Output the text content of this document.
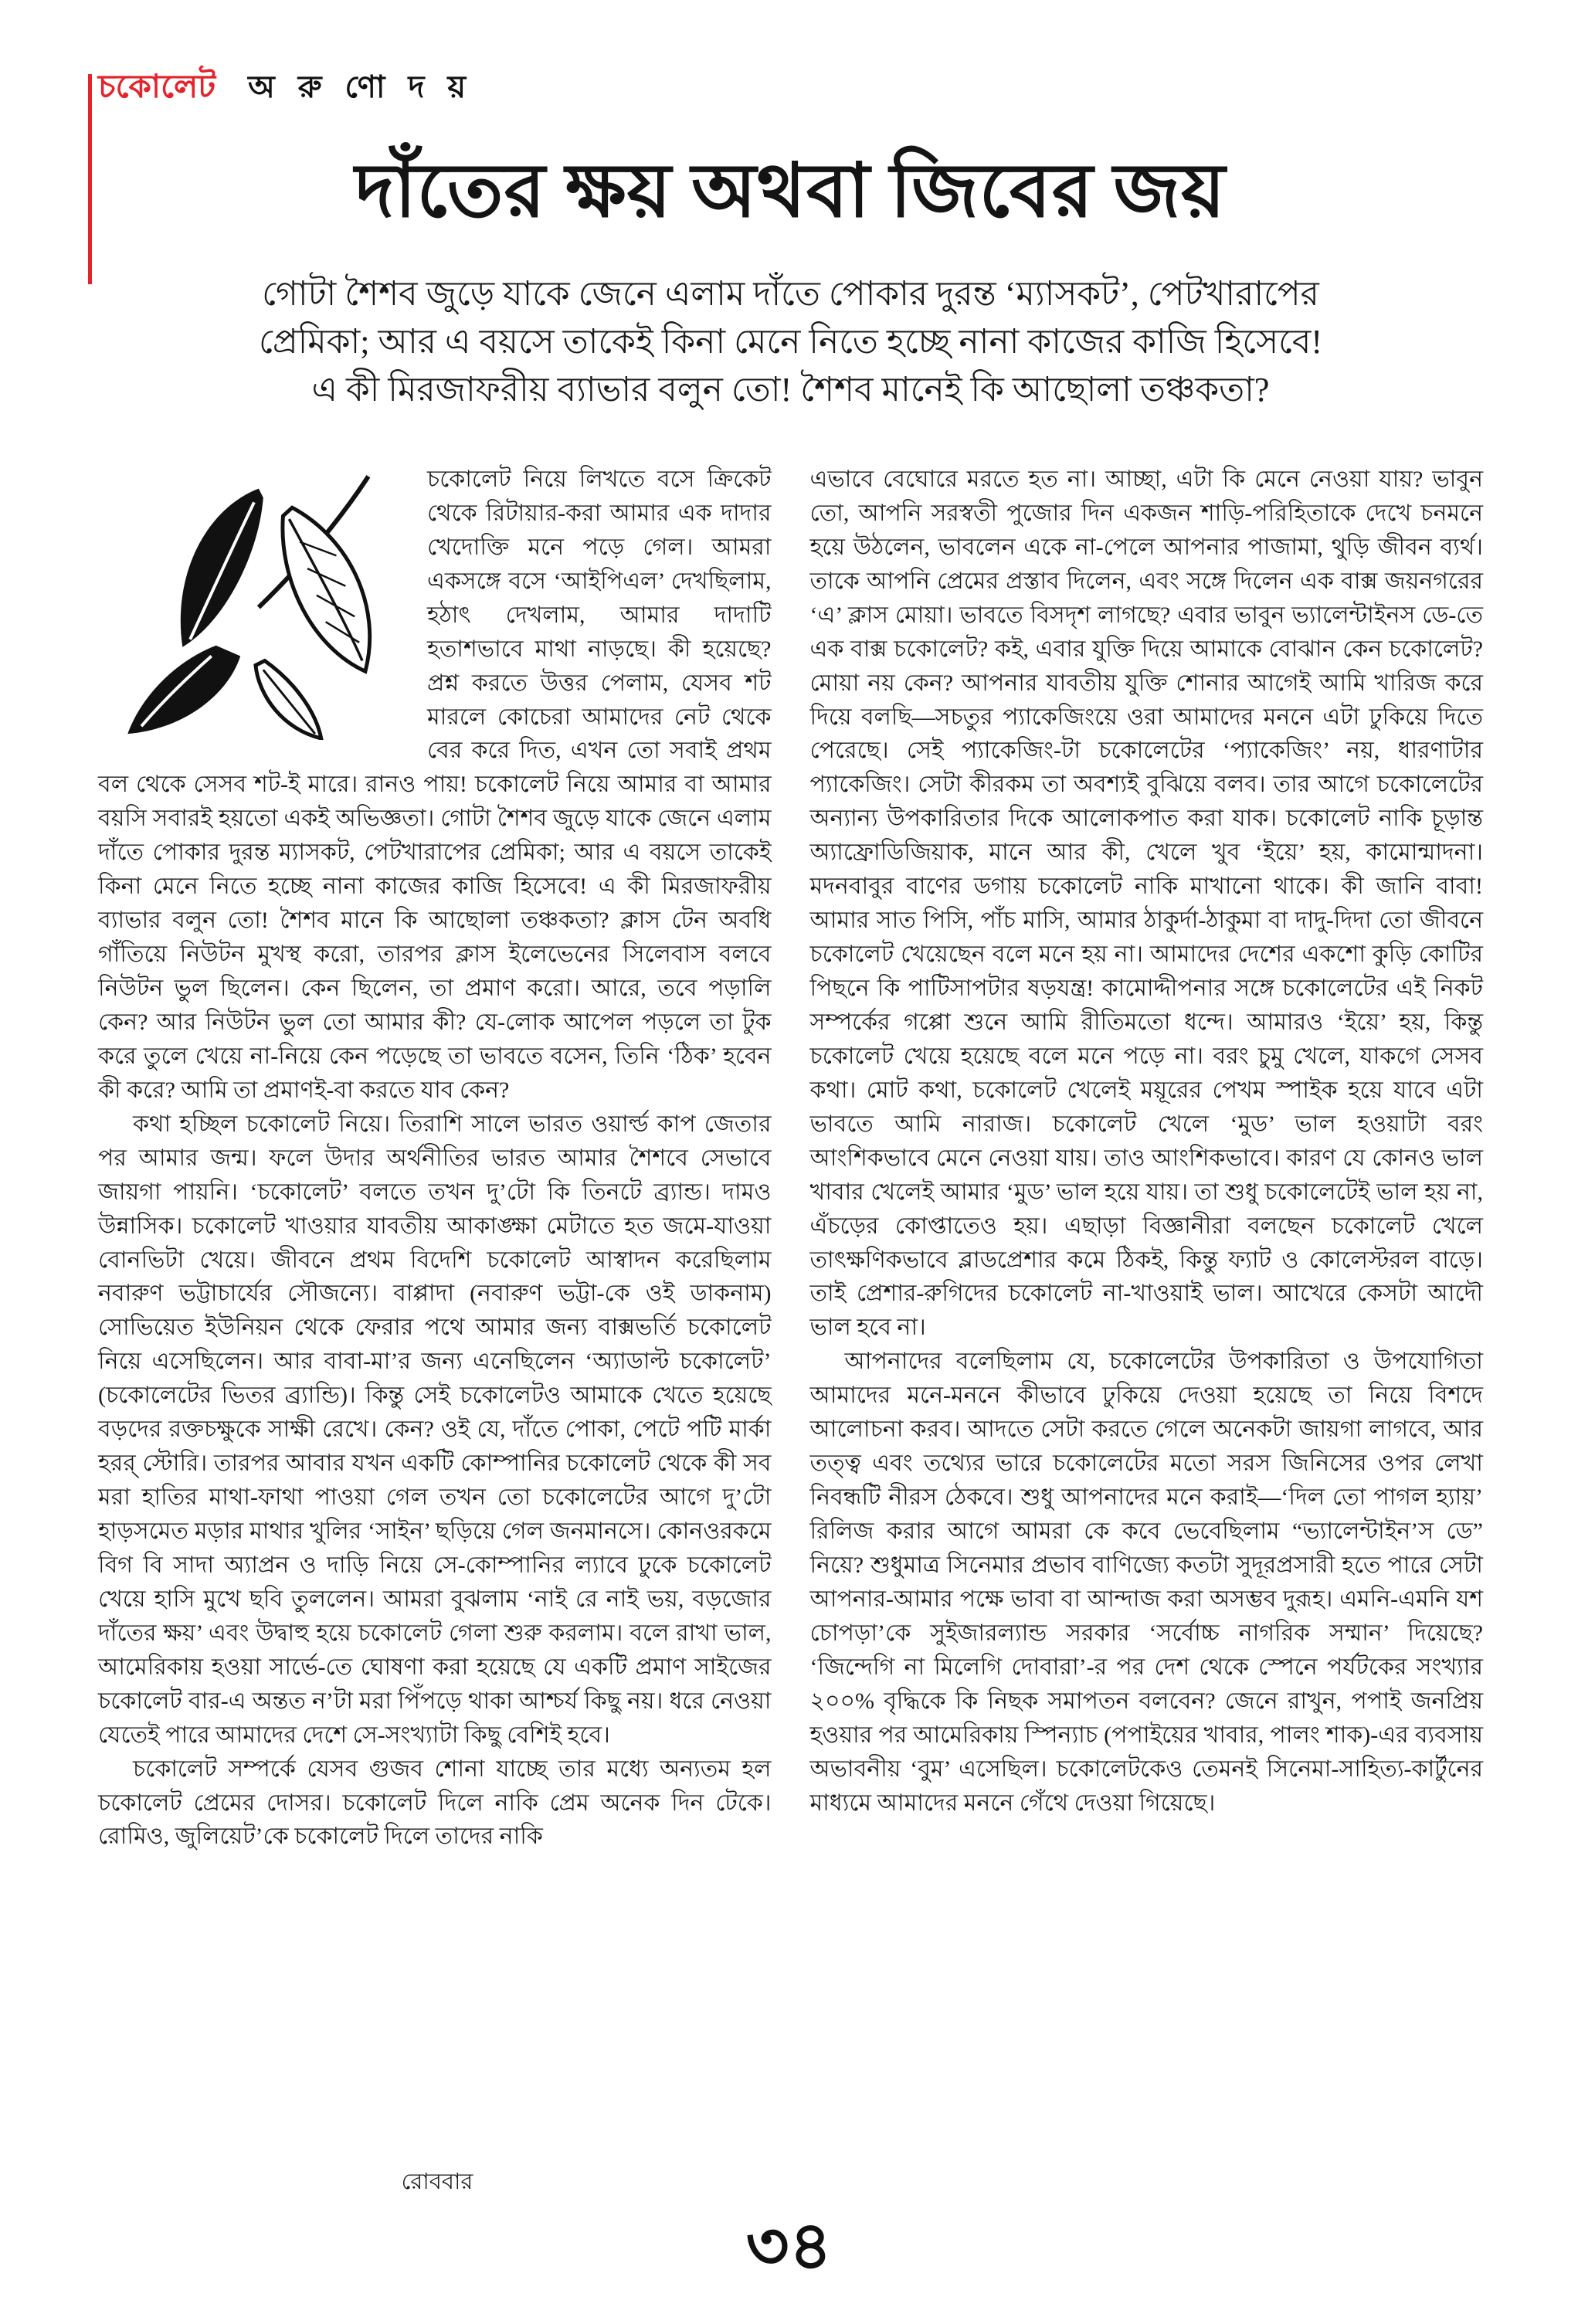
চকোলেট অ রু ণো দ য়
দাঁতের ক্ষয় অথবা জিবের জয়
গোটা শৈশব জুড়ে যাকে জেনে এলাম দাঁতে পোকার দুরন্ত ‘ম্যাসকট’, পেটখারাপের
প্রেমিকা; আর এ বয়সে তাকেই কিনা মেনে নিতে হচ্ছে নানা কাজের কাজি হিসেবে!
এ কী মিরজাফরীয় ব্যাভার বলুন তো! শৈশব মানেই কি আছোলা তঞ্চকতা?

চকোলেট নিয়ে লিখতে বসে ক্রিকেট থেকে রিটায়ার-করা আমার এক দাদার খেদোক্তি মনে পড়ে গেল। আমরা একসঙ্গে বসে ‘আইপিএল’ দেখছিলাম, হঠাৎ দেখলাম, আমার দাদাটি হতাশভাবে মাথা নাড়ছে। কী হয়েছে? প্রশ্ন করতে উত্তর পেলাম, যেসব শট মারলে কোচেরা আমাদের নেট থেকে বের করে দিত, এখন তো সবাই প্রথম বল থেকে সেসব শট-ই মারে। রানও পায়! চকোলেট নিয়ে আমার বা আমার বয়সি সবারই হয়তো একই অভিজ্ঞতা। গোটা শৈশব জুড়ে যাকে জেনে এলাম দাঁতে পোকার দুরন্ত ম্যাসকট, পেটখারাপের প্রেমিকা; আর এ বয়সে তাকেই কিনা মেনে নিতে হচ্ছে নানা কাজের কাজি হিসেবে! এ কী মিরজাফরীয় ব্যাভার বলুন তো! শৈশব মানে কি আছোলা তঞ্চকতা? ক্লাস টেন অবধি গাঁতিয়ে নিউটন মুখস্থ করো, তারপর ক্লাস ইলেভেনের সিলেবাস বলবে নিউটন ভুল ছিলেন। কেন ছিলেন, তা প্রমাণ করো। আরে, তবে পড়ালি কেন? আর নিউটন ভুল তো আমার কী? যে-লোক আপেল পড়লে তা টুক করে তুলে খেয়ে না-নিয়ে কেন পড়েছে তা ভাবতে বসেন, তিনি ‘ঠিক’ হবেন কী করে? আমি তা প্রমাণই-বা করতে যাব কেন?

কথা হচ্ছিল চকোলেট নিয়ে। তিরাশি সালে ভারত ওয়ার্ল্ড কাপ জেতার পর আমার জন্ম। ফলে উদার অর্থনীতির ভারত আমার শৈশবে সেভাবে জায়গা পায়নি। ‘চকোলেট’ বলতে তখন দু’টো কি তিনটে ব্র্যান্ড। দামও উন্নাসিক। চকোলেট খাওয়ার যাবতীয় আকাঙ্ক্ষা মেটাতে হত জমে-যাওয়া বোনভিটা খেয়ে। জীবনে প্রথম বিদেশি চকোলেট আস্বাদন করেছিলাম নবারুণ ভট্টাচার্যের সৌজন্যে। বাপ্পাদা (নবারুণ ভট্টা-কে ওই ডাকনাম) সোভিয়েত ইউনিয়ন থেকে ফেরার পথে আমার জন্য বাক্সভর্তি চকোলেট নিয়ে এসেছিলেন। আর বাবা-মা’র জন্য এনেছিলেন ‘অ্যাডাল্ট চকোলেট’ (চকোলেটের ভিতর ব্র্যান্ডি)। কিন্তু সেই চকোলেটও আমাকে খেতে হয়েছে বড়দের রক্তচক্ষুকে সাক্ষী রেখে। কেন? ওই যে, দাঁতে পোকা, পেটে পটি মার্কা হরর্ স্টোরি। তারপর আবার যখন একটি কোম্পানির চকোলেট থেকে কী সব মরা হাতির মাথা-ফাথা পাওয়া গেল তখন তো চকোলেটের আগে দু’টো হাড়সমেত মড়ার মাথার খুলির ‘সাইন’ ছড়িয়ে গেল জনমানসে। কোনওরকমে বিগ বি সাদা অ্যাপ্রন ও দাড়ি নিয়ে সে-কোম্পানির ল্যাবে ঢুকে চকোলেট খেয়ে হাসি মুখে ছবি তুললেন। আমরা বুঝলাম ‘নাই রে নাই ভয়, বড়জোর দাঁতের ক্ষয়’ এবং উদ্বাহু হয়ে চকোলেট গেলা শুরু করলাম। বলে রাখা ভাল, আমেরিকায় হওয়া সার্ভে-তে ঘোষণা করা হয়েছে যে একটি প্রমাণ সাইজের চকোলেট বার-এ অন্তত ন’টা মরা পিঁপড়ে থাকা আশ্চর্য কিছু নয়। ধরে নেওয়া যেতেই পারে আমাদের দেশে সে-সংখ্যাটা কিছু বেশিই হবে।

চকোলেট সম্পর্কে যেসব গুজব শোনা যাচ্ছে তার মধ্যে অন্যতম হল চকোলেট প্রেমের দোসর। চকোলেট দিলে নাকি প্রেম অনেক দিন টেকে। রোমিও, জুলিয়েট’কে চকোলেট দিলে তাদের নাকি

এভাবে বেঘোরে মরতে হত না। আচ্ছা, এটা কি মেনে নেওয়া যায়? ভাবুন তো, আপনি সরস্বতী পুজোর দিন একজন শাড়ি-পরিহিতাকে দেখে চনমনে হয়ে উঠলেন, ভাবলেন একে না-পেলে আপনার পাজামা, থুড়ি জীবন ব্যর্থ। তাকে আপনি প্রেমের প্রস্তাব দিলেন, এবং সঙ্গে দিলেন এক বাক্স জয়নগরের ‘এ’ ক্লাস মোয়া। ভাবতে বিসদৃশ লাগছে? এবার ভাবুন ভ্যালেন্টাইনস ডে-তে এক বাক্স চকোলেট? কই, এবার যুক্তি দিয়ে আমাকে বোঝান কেন চকোলেট? মোয়া নয় কেন? আপনার যাবতীয় যুক্তি শোনার আগেই আমি খারিজ করে দিয়ে বলছি—সচতুর প্যাকেজিংয়ে ওরা আমাদের মননে এটা ঢুকিয়ে দিতে পেরেছে। সেই প্যাকেজিং-টা চকোলেটের ‘প্যাকেজিং’ নয়, ধারণাটার প্যাকেজিং। সেটা কীরকম তা অবশ্যই বুঝিয়ে বলব। তার আগে চকোলেটের অন্যান্য উপকারিতার দিকে আলোকপাত করা যাক। চকোলেট নাকি চূড়ান্ত অ্যাফ্রোডিজিয়াক, মানে আর কী, খেলে খুব ‘ইয়ে’ হয়, কামোন্মাদনা। মদনবাবুর বাণের ডগায় চকোলেট নাকি মাখানো থাকে। কী জানি বাবা! আমার সাত পিসি, পাঁচ মাসি, আমার ঠাকুর্দা-ঠাকুমা বা দাদু-দিদা তো জীবনে চকোলেট খেয়েছেন বলে মনে হয় না। আমাদের দেশের একশো কুড়ি কোটির পিছনে কি পাটিসাপটার ষড়যন্ত্র! কামোদ্দীপনার সঙ্গে চকোলেটের এই নিকট সম্পর্কের গপ্পো শুনে আমি রীতিমতো ধন্দে। আমারও ‘ইয়ে’ হয়, কিন্তু চকোলেট খেয়ে হয়েছে বলে মনে পড়ে না। বরং চুমু খেলে, যাকগে সেসব কথা। মোট কথা, চকোলেট খেলেই ময়ূরের পেখম স্পাইক হয়ে যাবে এটা ভাবতে আমি নারাজ। চকোলেট খেলে ‘মুড’ ভাল হওয়াটা বরং আংশিকভাবে মেনে নেওয়া যায়। তাও আংশিকভাবে। কারণ যে কোনও ভাল খাবার খেলেই আমার ‘মুড’ ভাল হয়ে যায়। তা শুধু চকোলেটেই ভাল হয় না, এঁচড়ের কোপ্তাতেও হয়। এছাড়া বিজ্ঞানীরা বলছেন চকোলেট খেলে তাৎক্ষণিকভাবে ব্লাডপ্রেশার কমে ঠিকই, কিন্তু ফ্যাট ও কোলেস্টরল বাড়ে। তাই প্রেশার-রুগিদের চকোলেট না-খাওয়াই ভাল। আখেরে কেসটা আদৌ ভাল হবে না।

আপনাদের বলেছিলাম যে, চকোলেটের উপকারিতা ও উপযোগিতা আমাদের মনে-মননে কীভাবে ঢুকিয়ে দেওয়া হয়েছে তা নিয়ে বিশদে আলোচনা করব। আদতে সেটা করতে গেলে অনেকটা জায়গা লাগবে, আর তত্ত্ব এবং তথ্যের ভারে চকোলেটের মতো সরস জিনিসের ওপর লেখা নিবন্ধটি নীরস ঠেকবে। শুধু আপনাদের মনে করাই—‘দিল তো পাগল হ্যায়’ রিলিজ করার আগে আমরা কে কবে ভেবেছিলাম “ভ্যালেন্টাইন’স ডে” নিয়ে? শুধুমাত্র সিনেমার প্রভাব বাণিজ্যে কতটা সুদূরপ্রসারী হতে পারে সেটা আপনার-আমার পক্ষে ভাবা বা আন্দাজ করা অসম্ভব দুরূহ। এমনি-এমনি যশ চোপড়া’কে সুইজারল্যান্ড সরকার ‘সর্বোচ্চ নাগরিক সম্মান’ দিয়েছে? ‘জিন্দেগি না মিলেগি দোবারা’-র পর দেশ থেকে স্পেনে পর্যটকের সংখ্যার ২০০% বৃদ্ধিকে কি নিছক সমাপতন বলবেন? জেনে রাখুন, পপাই জনপ্রিয় হওয়ার পর আমেরিকায় স্পিন্যাচ (পপাইয়ের খাবার, পালং শাক)-এর ব্যবসায় অভাবনীয় ‘বুম’ এসেছিল। চকোলেটকেও তেমনই সিনেমা-সাহিত্য-কার্টুনের মাধ্যমে আমাদের মননে গেঁথে দেওয়া গিয়েছে।

রোববার
৩৪
